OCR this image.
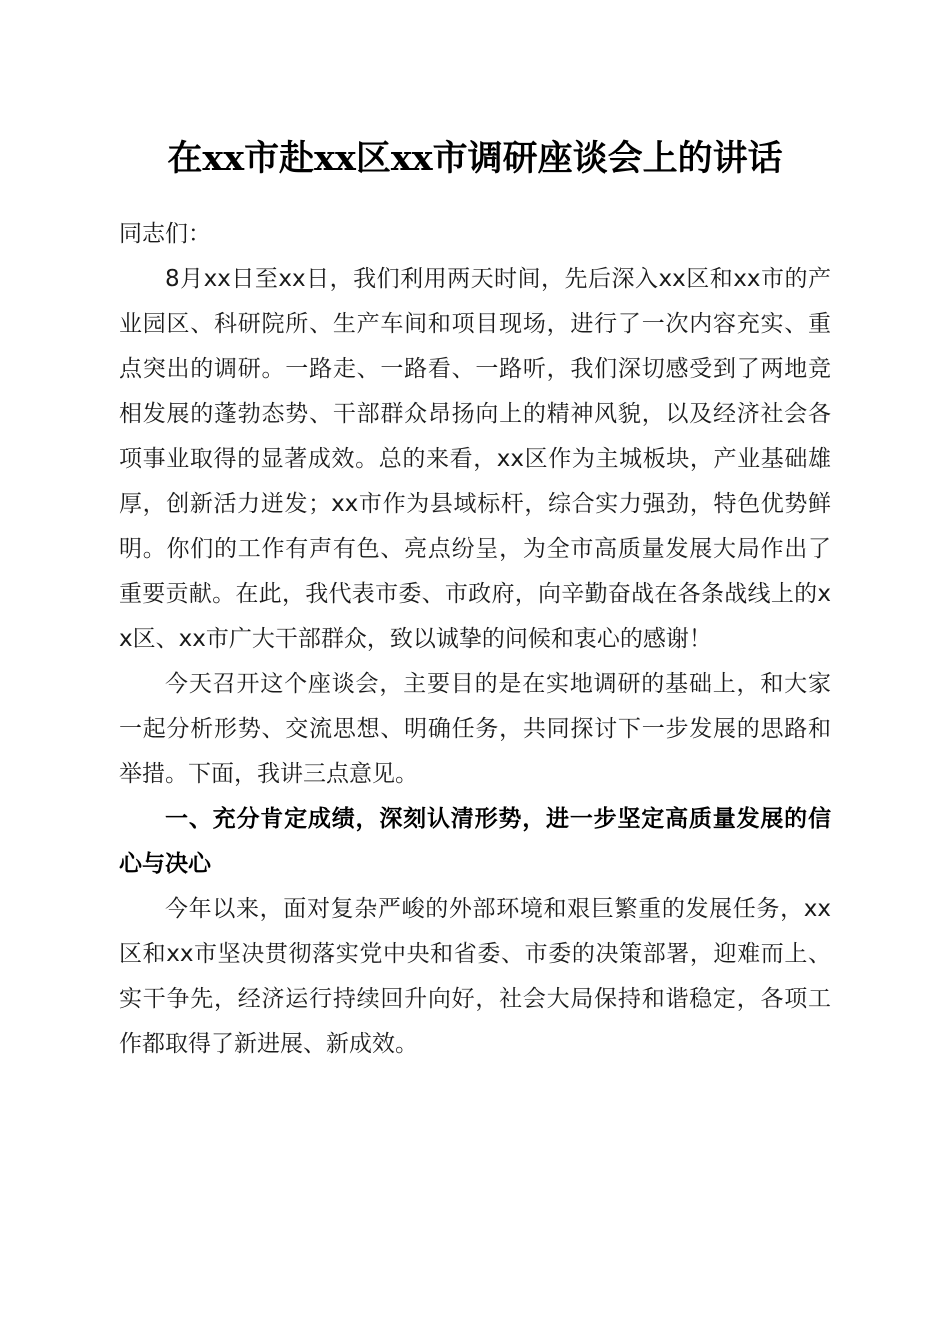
在xx市赴xx区xx市调研座谈会上的讲话

同志们：

8月xx日至xx日，我们利用两天时间，先后深入xx区和xx市的产业园区、科研院所、生产车间和项目现场，进行了一次内容充实、重点突出的调研。一路走、一路看、一路听，我们深切感受到了两地竞相发展的蓬勃态势、干部群众昂扬向上的精神风貌，以及经济社会各项事业取得的显著成效。总的来看，xx区作为主城板块，产业基础雄厚，创新活力迸发；xx市作为县域标杆，综合实力强劲，特色优势鲜明。你们的工作有声有色、亮点纷呈，为全市高质量发展大局作出了重要贡献。在此，我代表市委、市政府，向辛勤奋战在各条战线上的xx区、xx市广大干部群众，致以诚挚的问候和衷心的感谢！

今天召开这个座谈会，主要目的是在实地调研的基础上，和大家一起分析形势、交流思想、明确任务，共同探讨下一步发展的思路和举措。下面，我讲三点意见。

一、充分肯定成绩，深刻认清形势，进一步坚定高质量发展的信心与决心

今年以来，面对复杂严峻的外部环境和艰巨繁重的发展任务，xx区和xx市坚决贯彻落实党中央和省委、市委的决策部署，迎难而上、实干争先，经济运行持续回升向好，社会大局保持和谐稳定，各项工作都取得了新进展、新成效。
